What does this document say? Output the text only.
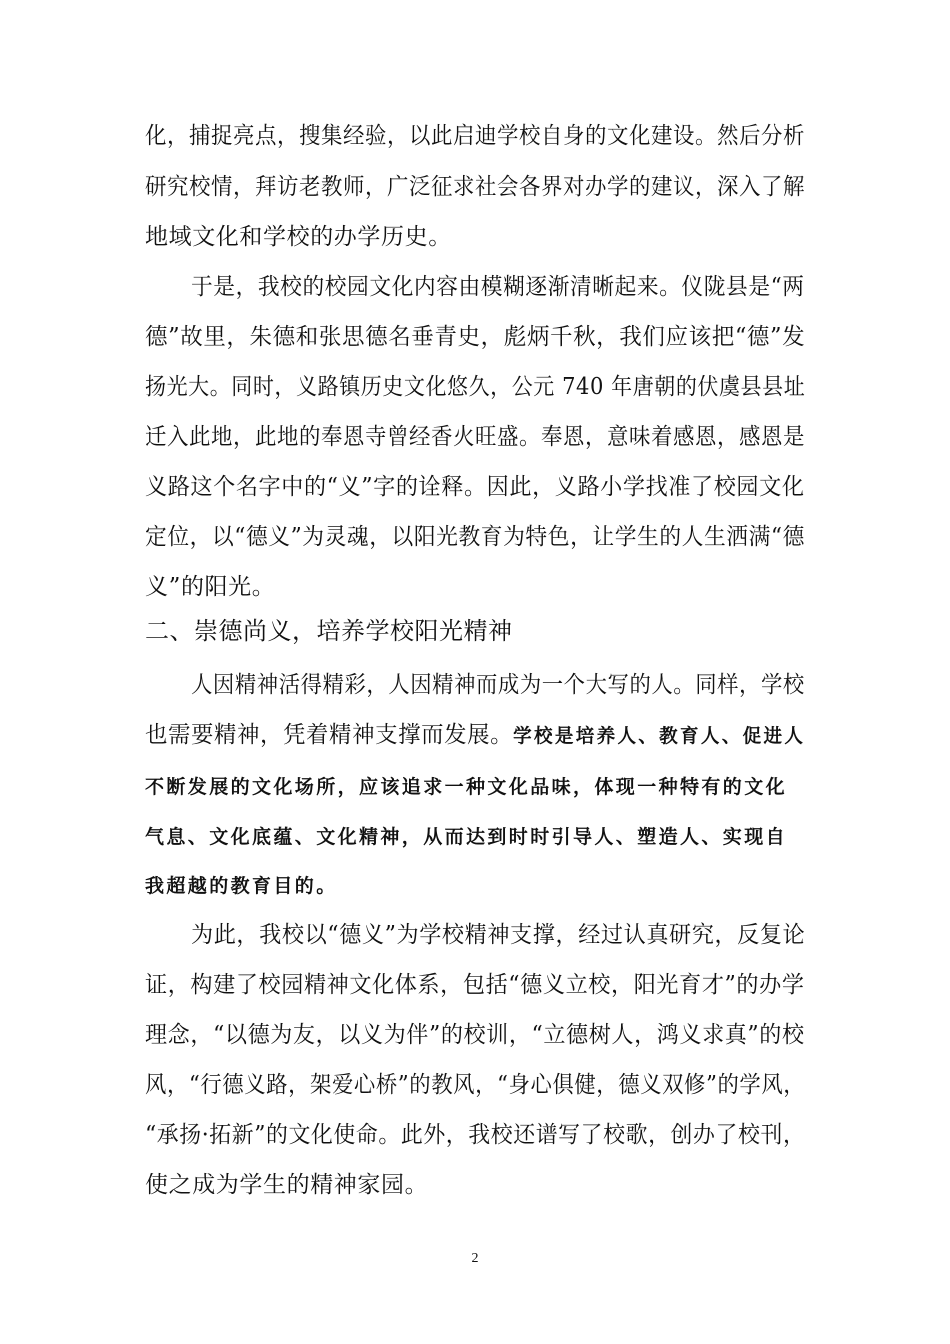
化，捕捉亮点，搜集经验，以此启迪学校自身的文化建设。然后分析
研究校情，拜访老教师，广泛征求社会各界对办学的建议，深入了解
地域文化和学校的办学历史。
于是，我校的校园文化内容由模糊逐渐清晰起来。仪陇县是“两
德”故里，朱德和张思德名垂青史，彪炳千秋，我们应该把“德”发
扬光大。同时，义路镇历史文化悠久，公元 740 年唐朝的伏虞县县址
迁入此地，此地的奉恩寺曾经香火旺盛。奉恩，意味着感恩，感恩是
义路这个名字中的“义”字的诠释。因此，义路小学找准了校园文化
定位，以“德义”为灵魂，以阳光教育为特色，让学生的人生洒满“德
义”的阳光。
二、崇德尚义，培养学校阳光精神
人因精神活得精彩，人因精神而成为一个大写的人。同样，学校
也需要精神，凭着精神支撑而发展。学校是培养人、教育人、促进人
不断发展的文化场所，应该追求一种文化品味，体现一种特有的文化
气息、文化底蕴、文化精神，从而达到时时引导人、塑造人、实现自
我超越的教育目的。
为此，我校以“德义”为学校精神支撑，经过认真研究，反复论
证，构建了校园精神文化体系，包括“德义立校，阳光育才”的办学
理念，“以德为友，以义为伴”的校训，“立德树人，鸿义求真”的校
风，“行德义路，架爱心桥”的教风，“身心俱健，德义双修”的学风，
“承扬·拓新”的文化使命。此外，我校还谱写了校歌，创办了校刊，
使之成为学生的精神家园。
2
